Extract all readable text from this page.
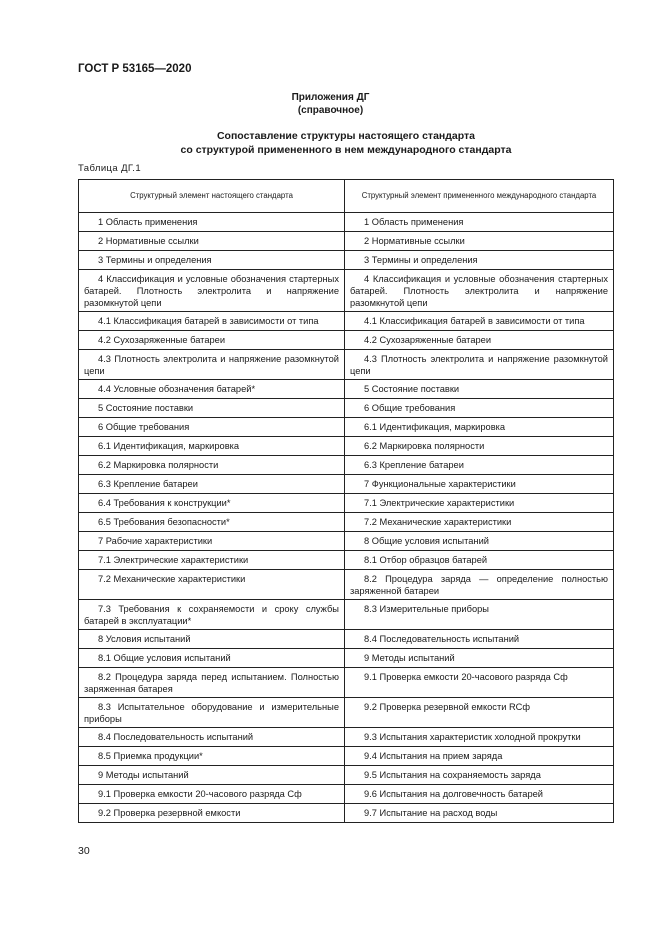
ГОСТ Р 53165—2020
Приложения ДГ
(справочное)
Сопоставление структуры настоящего стандарта
со структурой примененного в нем международного стандарта
Таблица ДГ.1
Структурный элемент настоящего стандарта	Структурный элемент примененного международного стандарта
1 Область применения	1 Область применения
2 Нормативные ссылки	2 Нормативные ссылки
3 Термины и определения	3 Термины и определения
4 Классификация и условные обозначения стартерных батарей. Плотность электролита и напряжение разомкнутой цепи	4 Классификация и условные обозначения стартерных батарей. Плотность электролита и напряжение разомкнутой цепи
4.1 Классификация батарей в зависимости от типа	4.1 Классификация батарей в зависимости от типа
4.2 Сухозаряженные батареи	4.2 Сухозаряженные батареи
4.3 Плотность электролита и напряжение разомкнутой цепи	4.3 Плотность электролита и напряжение разомкнутой цепи
4.4 Условные обозначения батарей*	5 Состояние поставки
5 Состояние поставки	6 Общие требования
6 Общие требования	6.1 Идентификация, маркировка
6.1 Идентификация, маркировка	6.2 Маркировка полярности
6.2 Маркировка полярности	6.3 Крепление батареи
6.3 Крепление батареи	7 Функциональные характеристики
6.4 Требования к конструкции*	7.1 Электрические характеристики
6.5 Требования безопасности*	7.2 Механические характеристики
7 Рабочие характеристики	8 Общие условия испытаний
7.1 Электрические характеристики	8.1 Отбор образцов батарей
7.2 Механические характеристики	8.2 Процедура заряда — определение полностью заряженной батареи
7.3 Требования к сохраняемости и сроку службы батарей в эксплуатации*	8.3 Измерительные приборы
8 Условия испытаний	8.4 Последовательность испытаний
8.1 Общие условия испытаний	9 Методы испытаний
8.2 Процедура заряда перед испытанием. Полностью заряженная батарея	9.1 Проверка емкости 20-часового разряда Cф
8.3 Испытательное оборудование и измерительные приборы	9.2 Проверка резервной емкости RCф
8.4 Последовательность испытаний	9.3 Испытания характеристик холодной прокрутки
8.5 Приемка продукции*	9.4 Испытания на прием заряда
9 Методы испытаний	9.5 Испытания на сохраняемость заряда
9.1 Проверка емкости 20-часового разряда Cф	9.6 Испытания на долговечность батарей
9.2 Проверка резервной емкости	9.7 Испытание на расход воды
30
